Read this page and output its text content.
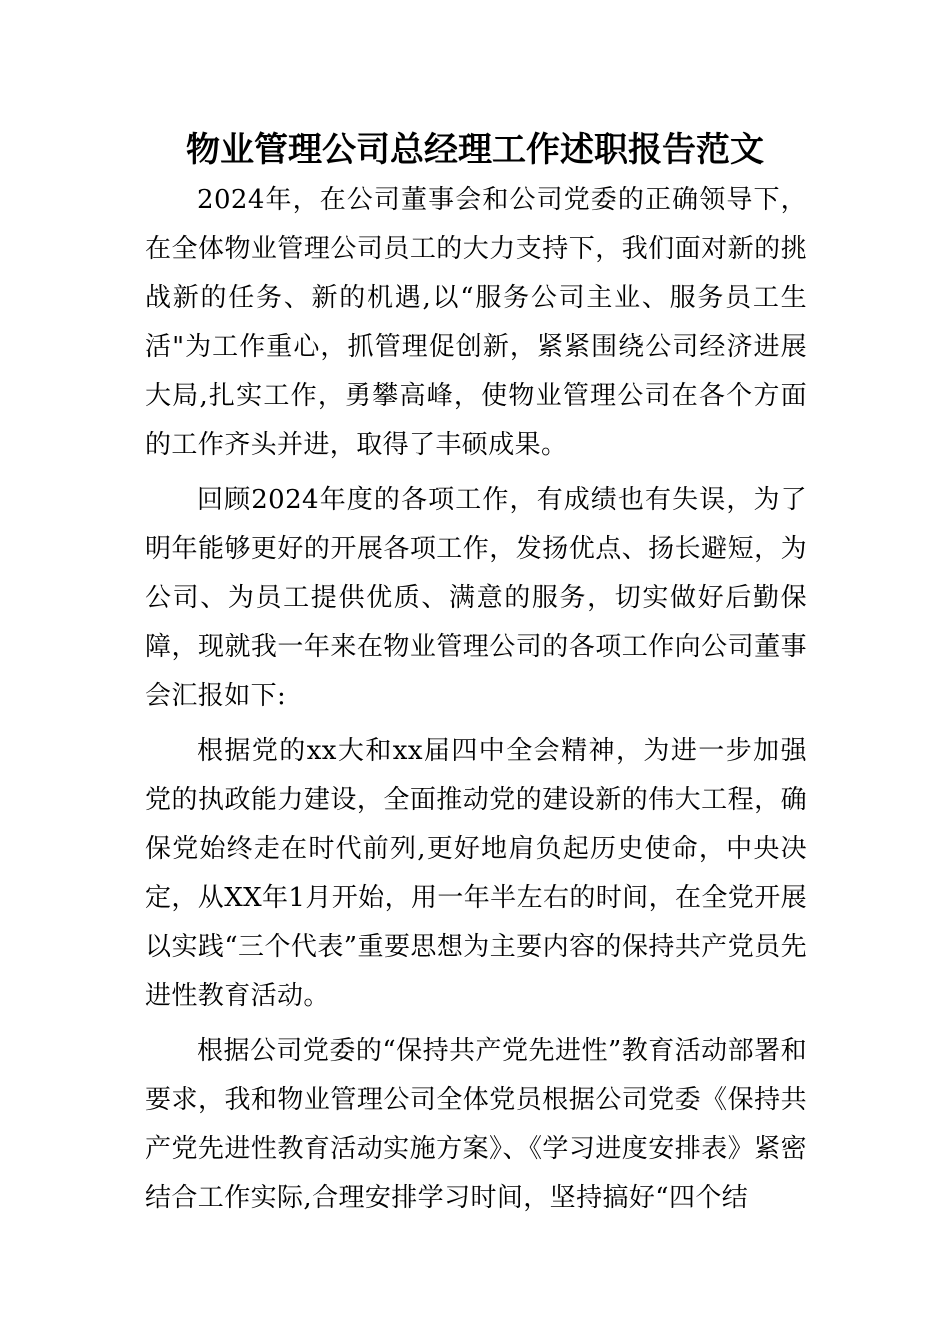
物业管理公司总经理工作述职报告范文

2024年，在公司董事会和公司党委的正确领导下，在全体物业管理公司员工的大力支持下，我们面对新的挑战新的任务、新的机遇,以“服务公司主业、服务员工生活"为工作重心，抓管理促创新，紧紧围绕公司经济进展大局,扎实工作，勇攀高峰，使物业管理公司在各个方面的工作齐头并进，取得了丰硕成果。

回顾2024年度的各项工作，有成绩也有失误，为了明年能够更好的开展各项工作，发扬优点、扬长避短，为公司、为员工提供优质、满意的服务，切实做好后勤保障，现就我一年来在物业管理公司的各项工作向公司董事会汇报如下:

根据党的xx大和xx届四中全会精神，为进一步加强党的执政能力建设，全面推动党的建设新的伟大工程，确保党始终走在时代前列,更好地肩负起历史使命，中央决定，从XX年1月开始，用一年半左右的时间，在全党开展以实践“三个代表”重要思想为主要内容的保持共产党员先进性教育活动。

根据公司党委的“保持共产党先进性”教育活动部署和要求，我和物业管理公司全体党员根据公司党委《保持共产党先进性教育活动实施方案》、《学习进度安排表》紧密结合工作实际,合理安排学习时间，坚持搞好“四个结
